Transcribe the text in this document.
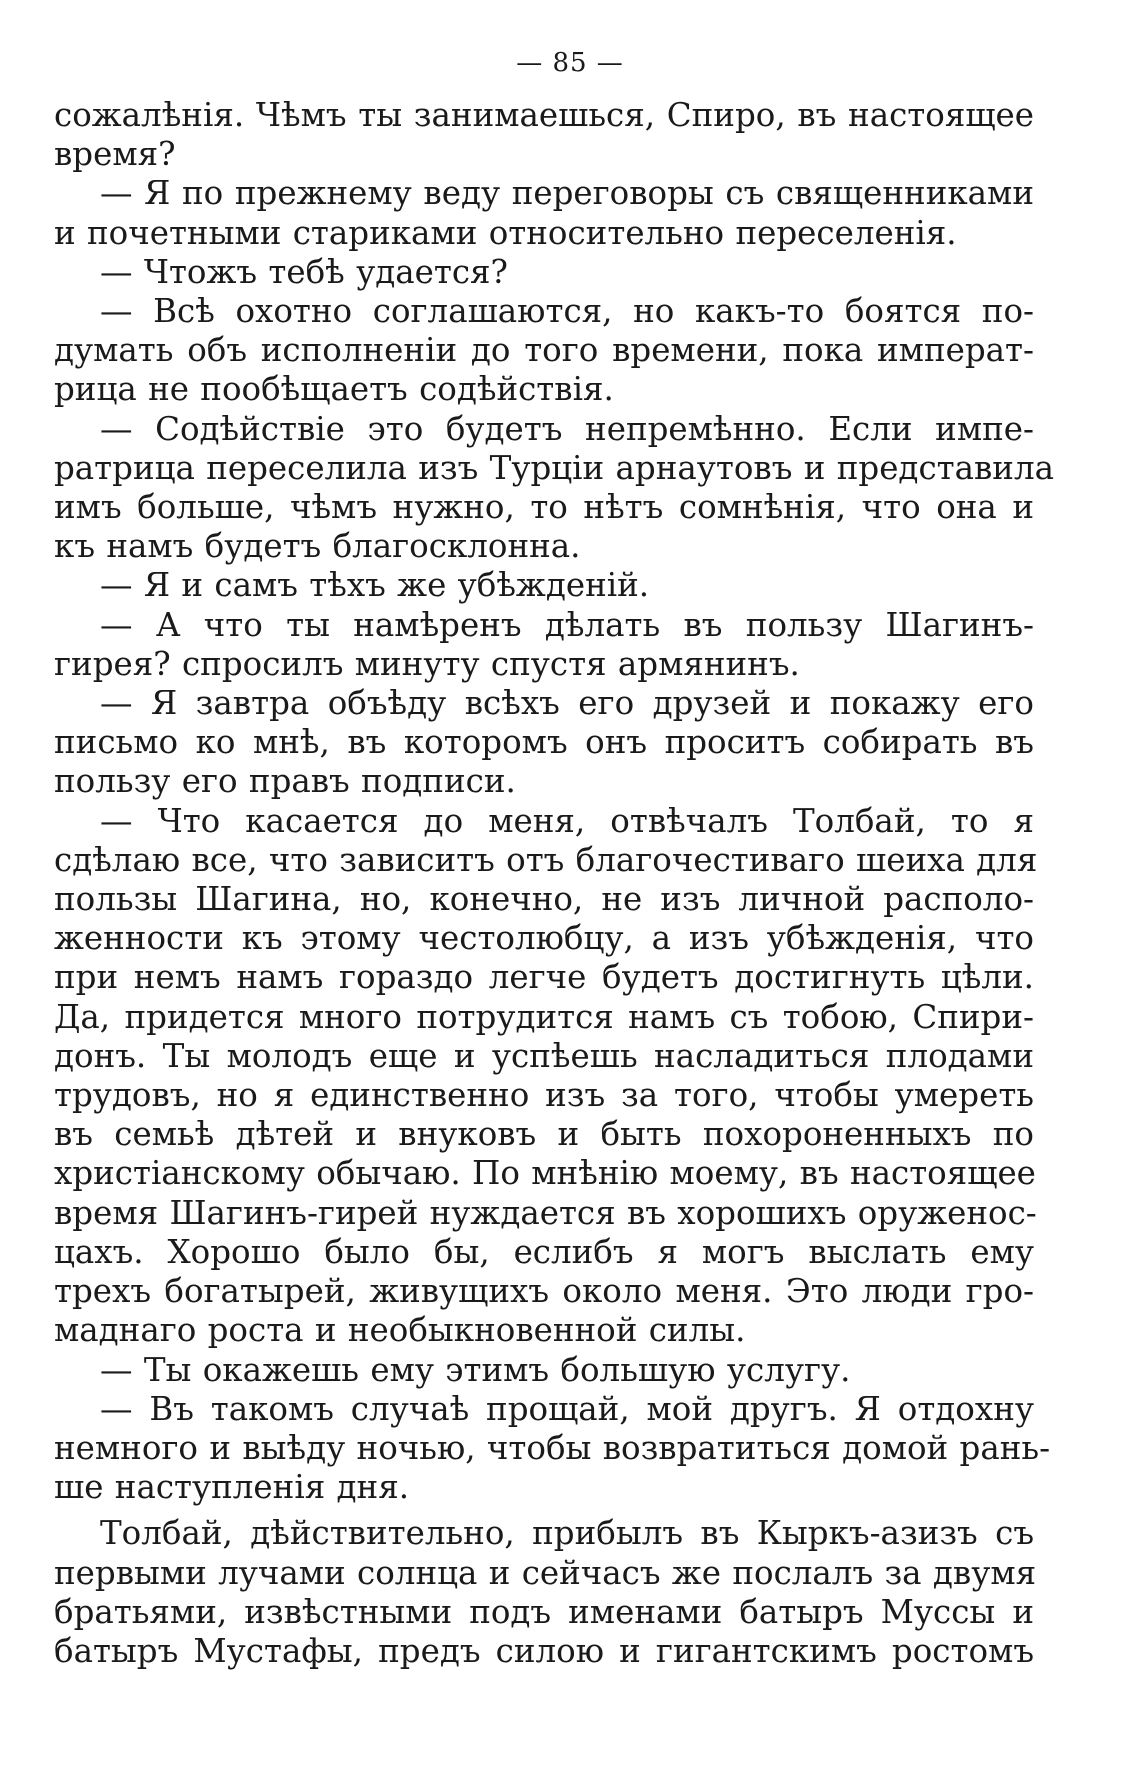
— 85 —
сожалѣнія. Чѣмъ ты занимаешься, Спиро, въ настоящее
время?
— Я по прежнему веду переговоры съ священниками
и почетными стариками относительно переселенія.
— Чтожъ тебѣ удается?
— Всѣ охотно соглашаются, но какъ-то боятся по-
думать объ исполненіи до того времени, пока императ-
рица не пообѣщаетъ содѣйствія.
— Содѣйствіе это будетъ непремѣнно. Если импе-
ратрица переселила изъ Турціи арнаутовъ и представила
имъ больше, чѣмъ нужно, то нѣтъ сомнѣнія, что она и
къ намъ будетъ благосклонна.
— Я и самъ тѣхъ же убѣжденій.
— А что ты намѣренъ дѣлать въ пользу Шагинъ-
гирея? спросилъ минуту спустя армянинъ.
— Я завтра объѣду всѣхъ его друзей и покажу его
письмо ко мнѣ, въ которомъ онъ проситъ собирать въ
пользу его правъ подписи.
— Что касается до меня, отвѣчалъ Толбай, то я
сдѣлаю все, что зависитъ отъ благочестиваго шеиха для
пользы Шагина, но, конечно, не изъ личной располо-
женности къ этому честолюбцу, а изъ убѣжденія, что
при немъ намъ гораздо легче будетъ достигнуть цѣли.
Да, придется много потрудится намъ съ тобою, Спири-
донъ. Ты молодъ еще и успѣешь насладиться плодами
трудовъ, но я единственно изъ за того, чтобы умереть
въ семьѣ дѣтей и внуковъ и быть похороненныхъ по
христіанскому обычаю. По мнѣнію моему, въ настоящее
время Шагинъ-гирей нуждается въ хорошихъ оруженос-
цахъ. Хорошо было бы, еслибъ я могъ выслать ему
трехъ богатырей, живущихъ около меня. Это люди гро-
маднаго роста и необыкновенной силы.
— Ты окажешь ему этимъ большую услугу.
— Въ такомъ случаѣ прощай, мой другъ. Я отдохну
немного и выѣду ночью, чтобы возвратиться домой рань-
ше наступленія дня.
Толбай, дѣйствительно, прибылъ въ Кыркъ-азизъ съ
первыми лучами солнца и сейчасъ же послалъ за двумя
братьями, извѣстными подъ именами батыръ Муссы и
батыръ Мустафы, предъ силою и гигантскимъ ростомъ
